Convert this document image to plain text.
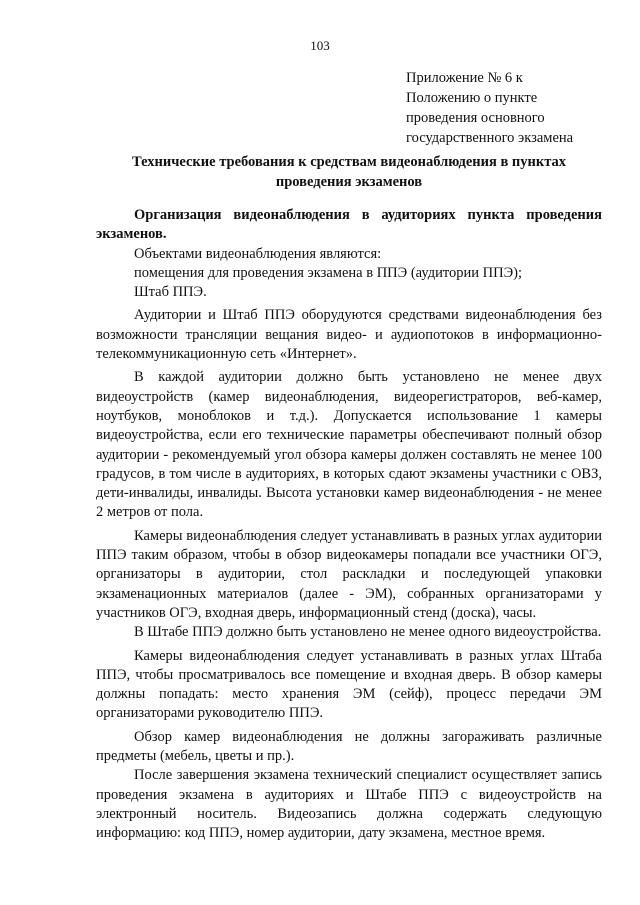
103
Приложение № 6 к
Положению о пункте
проведения основного
государственного экзамена
Технические требования к средствам видеонаблюдения в пунктах проведения экзаменов

Организация видеонаблюдения в аудиториях пункта проведения экзаменов.

Объектами видеонаблюдения являются:

помещения для проведения экзамена в ППЭ (аудитории ППЭ);

Штаб ППЭ.

Аудитории и Штаб ППЭ оборудуются средствами видеонаблюдения без возможности трансляции вещания видео- и аудиопотоков в информационно-телекоммуникационную сеть «Интернет».

В каждой аудитории должно быть установлено не менее двух видеоустройств (камер видеонаблюдения, видеорегистраторов, веб-камер, ноутбуков, моноблоков и т.д.). Допускается использование 1 камеры видеоустройства, если его технические параметры обеспечивают полный обзор аудитории - рекомендуемый угол обзора камеры должен составлять не менее 100 градусов, в том числе в аудиториях, в которых сдают экзамены участники с ОВЗ, дети-инвалиды, инвалиды. Высота установки камер видеонаблюдения - не менее 2 метров от пола.

Камеры видеонаблюдения следует устанавливать в разных углах аудитории ППЭ таким образом, чтобы в обзор видеокамеры попадали все участники ОГЭ, организаторы в аудитории, стол раскладки и последующей упаковки экзаменационных материалов (далее - ЭМ), собранных организаторами у участников ОГЭ, входная дверь, информационный стенд (доска), часы.

В Штабе ППЭ должно быть установлено не менее одного видеоустройства.

Камеры видеонаблюдения следует устанавливать в разных углах Штаба ППЭ, чтобы просматривалось все помещение и входная дверь. В обзор камеры должны попадать: место хранения ЭМ (сейф), процесс передачи ЭМ организаторами руководителю ППЭ.

Обзор камер видеонаблюдения не должны загораживать различные предметы (мебель, цветы и пр.).

После завершения экзамена технический специалист осуществляет запись проведения экзамена в аудиториях и Штабе ППЭ с видеоустройств на электронный носитель. Видеозапись должна содержать следующую информацию: код ППЭ, номер аудитории, дату экзамена, местное время.
